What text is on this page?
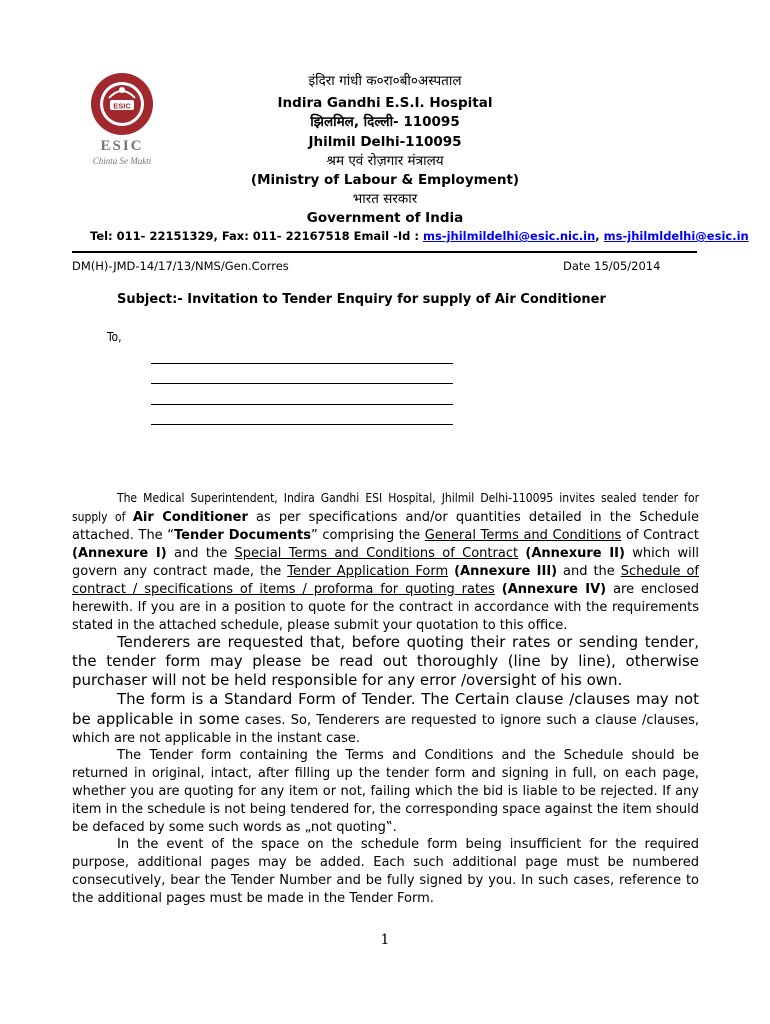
ESIC
ESIC
Chinta Se Mukti
इंदिरा गांधी क०रा०बी०अस्पताल
Indira Gandhi E.S.I. Hospital
झिलमिल, दिल्ली- 110095
Jhilmil Delhi-110095
श्रम एवं रोज़गार मंत्रालय
(Ministry of Labour & Employment)
भारत सरकार
Government of India
Tel: 011- 22151329, Fax: 011- 22167518 Email -Id : ms-jhilmildelhi@esic.nic.in, ms-jhilmldelhi@esic.in
DM(H)-JMD-14/17/13/NMS/Gen.Corres	Date 15/05/2014
Subject:- Invitation to Tender Enquiry for supply of Air Conditioner
To,
The Medical Superintendent, Indira Gandhi ESI Hospital, Jhilmil Delhi-110095 invites sealed tender for supply of Air Conditioner as per specifications and/or quantities detailed in the Schedule attached. The “Tender Documents” comprising the General Terms and Conditions of Contract (Annexure I) and the Special Terms and Conditions of Contract (Annexure II) which will govern any contract made, the Tender Application Form (Annexure III) and the Schedule of contract / specifications of items / proforma for quoting rates (Annexure IV) are enclosed herewith. If you are in a position to quote for the contract in accordance with the requirements stated in the attached schedule, please submit your quotation to this office.
Tenderers are requested that, before quoting their rates or sending tender, the tender form may please be read out thoroughly (line by line), otherwise purchaser will not be held responsible for any error /oversight of his own.
The form is a Standard Form of Tender. The Certain clause /clauses may not be applicable in some cases. So, Tenderers are requested to ignore such a clause /clauses, which are not applicable in the instant case.
The Tender form containing the Terms and Conditions and the Schedule should be returned in original, intact, after filling up the tender form and signing in full, on each page, whether you are quoting for any item or not, failing which the bid is liable to be rejected. If any item in the schedule is not being tendered for, the corresponding space against the item should be defaced by some such words as „not quoting‟.
In the event of the space on the schedule form being insufficient for the required purpose, additional pages may be added. Each such additional page must be numbered consecutively, bear the Tender Number and be fully signed by you. In such cases, reference to the additional pages must be made in the Tender Form.
1
